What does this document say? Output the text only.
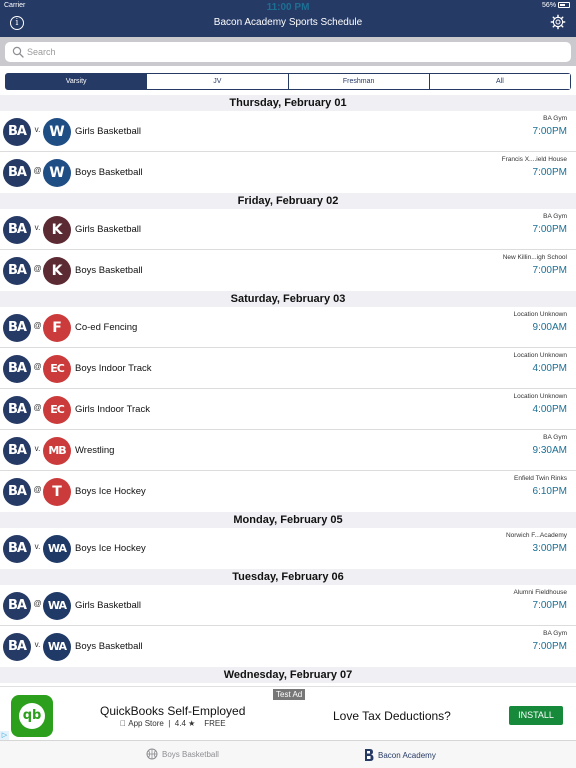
Carrier	11:00 PM	56%
i	Bacon Academy Sports Schedule
Search
Varsity	JV	Freshman	All
Thursday, February 01
BA	v. W	Girls Basketball
BA Gym
7:00PM
BA @ W	Boys Basketball
Francis X....ield House
7:00PM
Friday, February 02
BA	v. K	Girls Basketball
BA Gym
7:00PM
BA @ K	Boys Basketball
New Killin...igh School
7:00PM
Saturday, February 03
BA @ F	Co-ed Fencing
Location Unknown
9:00AM
BA @ EC	Boys Indoor Track
Location Unknown
4:00PM
BA @ EC	Girls Indoor Track
Location Unknown
4:00PM
BA	v. MB Wrestling
BA Gym
9:30AM
BA @ T	Boys Ice Hockey
Enfield Twin Rinks
6:10PM
Monday, February 05
BA	v. WA Boys Ice Hockey
Norwich F...Academy
3:00PM
Tuesday, February 06
BA @ WA Girls Basketball
Alumni Fieldhouse
7:00PM
BA	v. WA Boys Basketball
BA Gym
7:00PM
Wednesday, February 07
Test Ad
qb	QuickBooks Self-Employed
App Store  |  4.4 ★ FREE
Love Tax Deductions?	INSTALL
▷
Boys Basketball	Bacon Academy
